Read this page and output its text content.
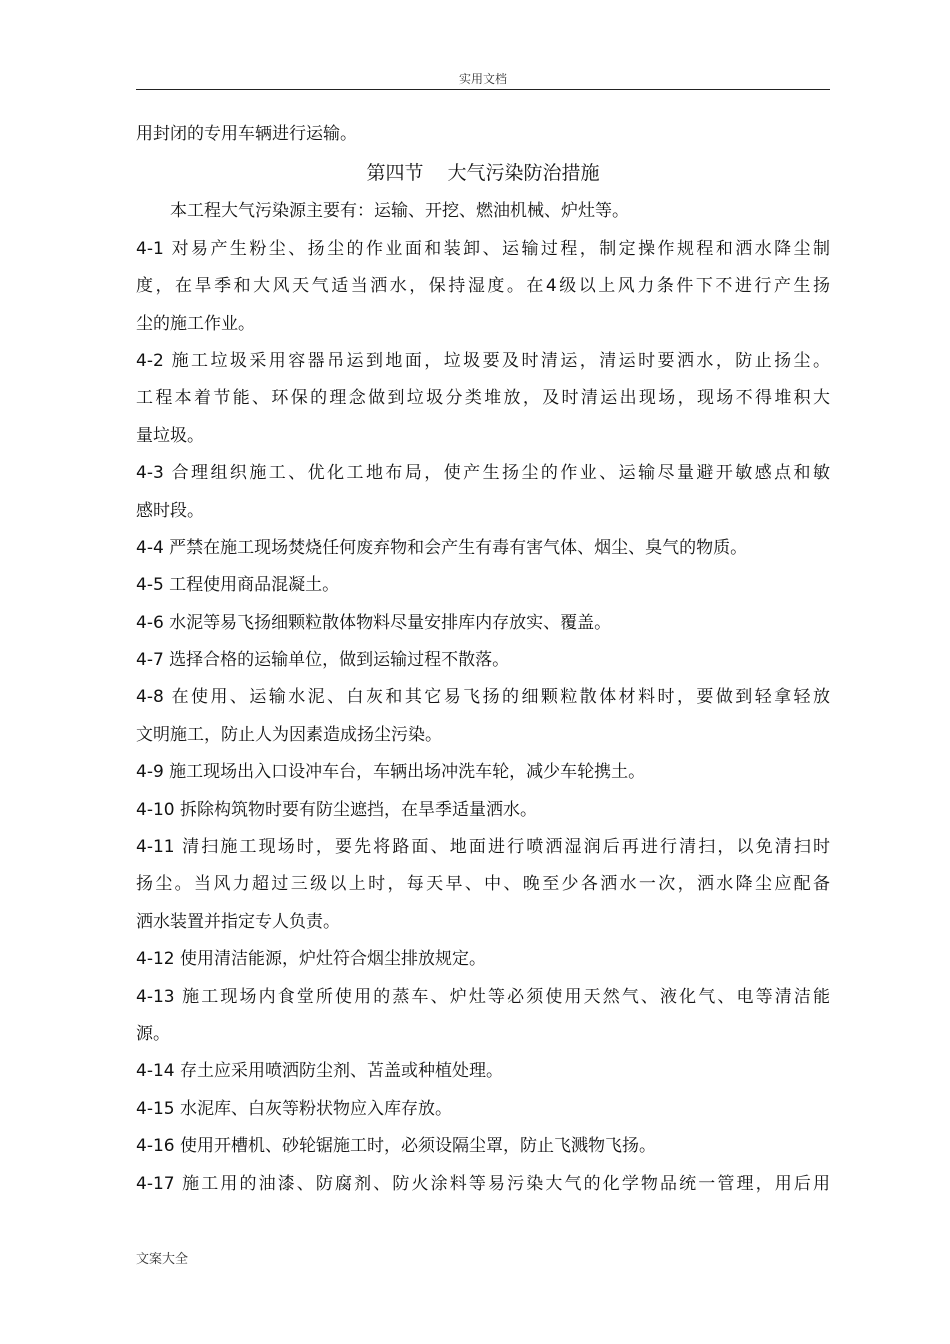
实用文档
用封闭的专用车辆进行运输。
第四节 大气污染防治措施
本工程大气污染源主要有：运输、开挖、燃油机械、炉灶等。
4-1 对易产生粉尘、扬尘的作业面和装卸、运输过程，制定操作规程和洒水降尘制
度，在旱季和大风天气适当洒水，保持湿度。在4级以上风力条件下不进行产生扬
尘的施工作业。
4-2 施工垃圾采用容器吊运到地面，垃圾要及时清运，清运时要洒水，防止扬尘。
工程本着节能、环保的理念做到垃圾分类堆放，及时清运出现场，现场不得堆积大
量垃圾。
4-3 合理组织施工、优化工地布局，使产生扬尘的作业、运输尽量避开敏感点和敏
感时段。
4-4 严禁在施工现场焚烧任何废弃物和会产生有毒有害气体、烟尘、臭气的物质。
4-5 工程使用商品混凝土。
4-6 水泥等易飞扬细颗粒散体物料尽量安排库内存放实、覆盖。
4-7 选择合格的运输单位，做到运输过程不散落。
4-8 在使用、运输水泥、白灰和其它易飞扬的细颗粒散体材料时，要做到轻拿轻放
文明施工，防止人为因素造成扬尘污染。
4-9 施工现场出入口设冲车台，车辆出场冲洗车轮，减少车轮携土。
4-10 拆除构筑物时要有防尘遮挡，在旱季适量洒水。
4-11 清扫施工现场时，要先将路面、地面进行喷洒湿润后再进行清扫，以免清扫时
扬尘。当风力超过三级以上时，每天早、中、晚至少各洒水一次，洒水降尘应配备
洒水装置并指定专人负责。
4-12 使用清洁能源，炉灶符合烟尘排放规定。
4-13 施工现场内食堂所使用的蒸车、炉灶等必须使用天然气、液化气、电等清洁能
源。
4-14 存土应采用喷洒防尘剂、苫盖或种植处理。
4-15 水泥库、白灰等粉状物应入库存放。
4-16 使用开槽机、砂轮锯施工时，必须设隔尘罩，防止飞溅物飞扬。
4-17 施工用的油漆、防腐剂、防火涂料等易污染大气的化学物品统一管理，用后用
文案大全
